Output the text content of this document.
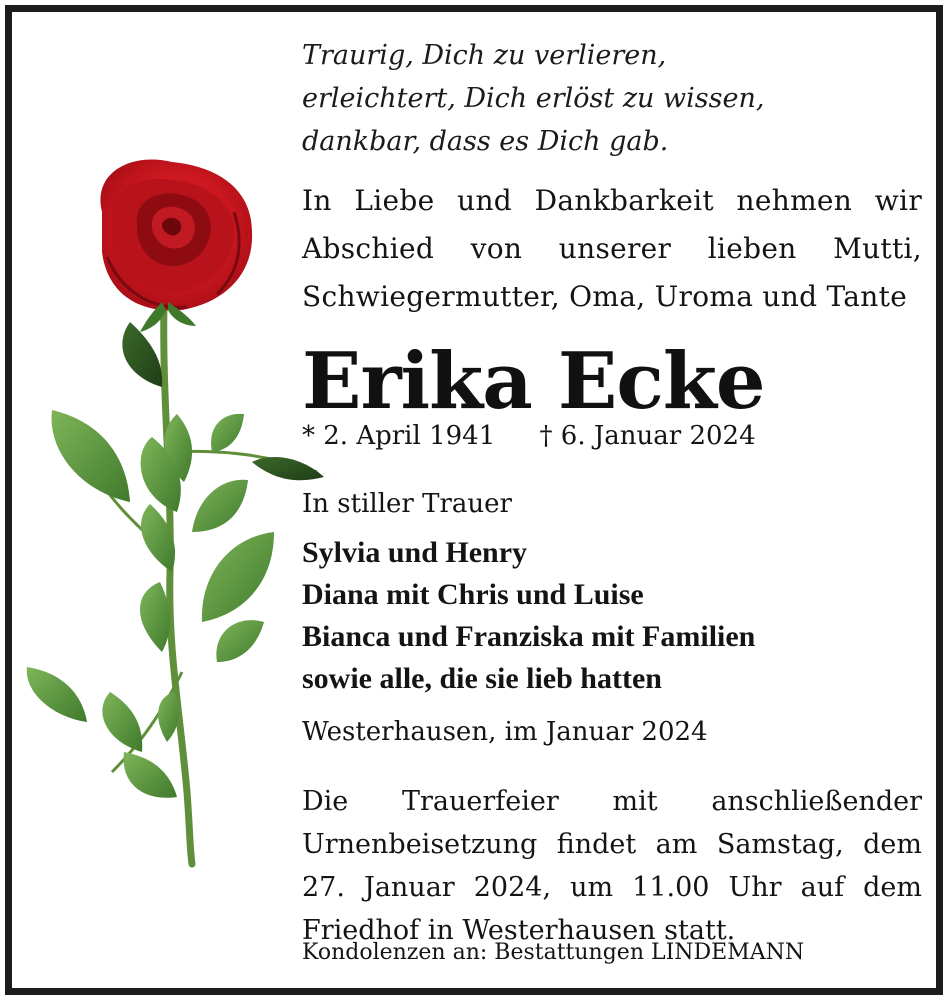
Traurig, Dich zu verlieren,
erleichtert, Dich erlöst zu wissen,
dankbar, dass es Dich gab.
In Liebe und Dankbarkeit nehmen wir
Abschied von unserer lieben Mutti,
Schwiegermutter, Oma, Uroma und Tante
Erika Ecke
* 2. April 1941 † 6. Januar 2024
In stiller Trauer
Sylvia und Henry
Diana mit Chris und Luise
Bianca und Franziska mit Familien
sowie alle, die sie lieb hatten
Westerhausen, im Januar 2024
Die Trauerfeier mit anschließender
Urnenbeisetzung findet am Samstag, dem
27. Januar 2024, um 11.00 Uhr auf dem
Friedhof in Westerhausen statt.
Kondolenzen an: Bestattungen LINDEMANN
